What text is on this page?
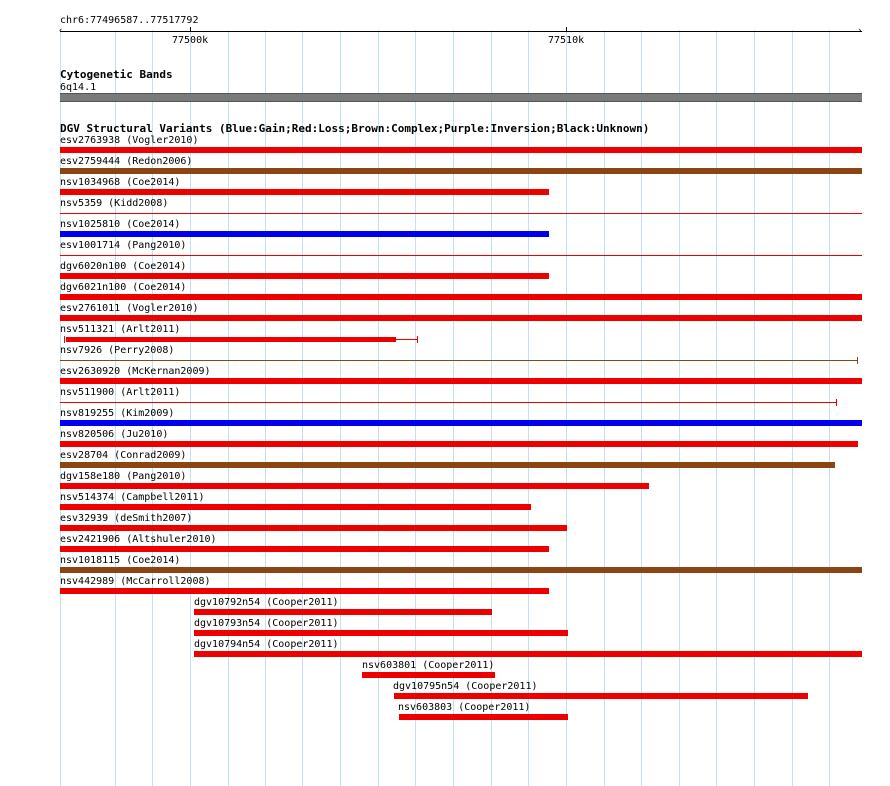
chr6:77496587..77517792
‹	›
77500k	77510k
Cytogenetic Bands
6q14.1
DGV Structural Variants (Blue:Gain;Red:Loss;Brown:Complex;Purple:Inversion;Black:Unknown)
esv2763938 (Vogler2010)
esv2759444 (Redon2006)
nsv1034968 (Coe2014)
nsv5359 (Kidd2008)
nsv1025810 (Coe2014)
esv1001714 (Pang2010)
dgv6020n100 (Coe2014)
dgv6021n100 (Coe2014)
esv2761011 (Vogler2010)
nsv511321 (Arlt2011)
nsv7926 (Perry2008)
esv2630920 (McKernan2009)
nsv511900 (Arlt2011)
nsv819255 (Kim2009)
nsv820506 (Ju2010)
esv28704 (Conrad2009)
dgv158e180 (Pang2010)
nsv514374 (Campbell2011)
esv32939 (deSmith2007)
esv2421906 (Altshuler2010)
nsv1018115 (Coe2014)
nsv442989 (McCarroll2008)
dgv10792n54 (Cooper2011)
dgv10793n54 (Cooper2011)
dgv10794n54 (Cooper2011)
nsv603801 (Cooper2011)
dgv10795n54 (Cooper2011)
nsv603803 (Cooper2011)
